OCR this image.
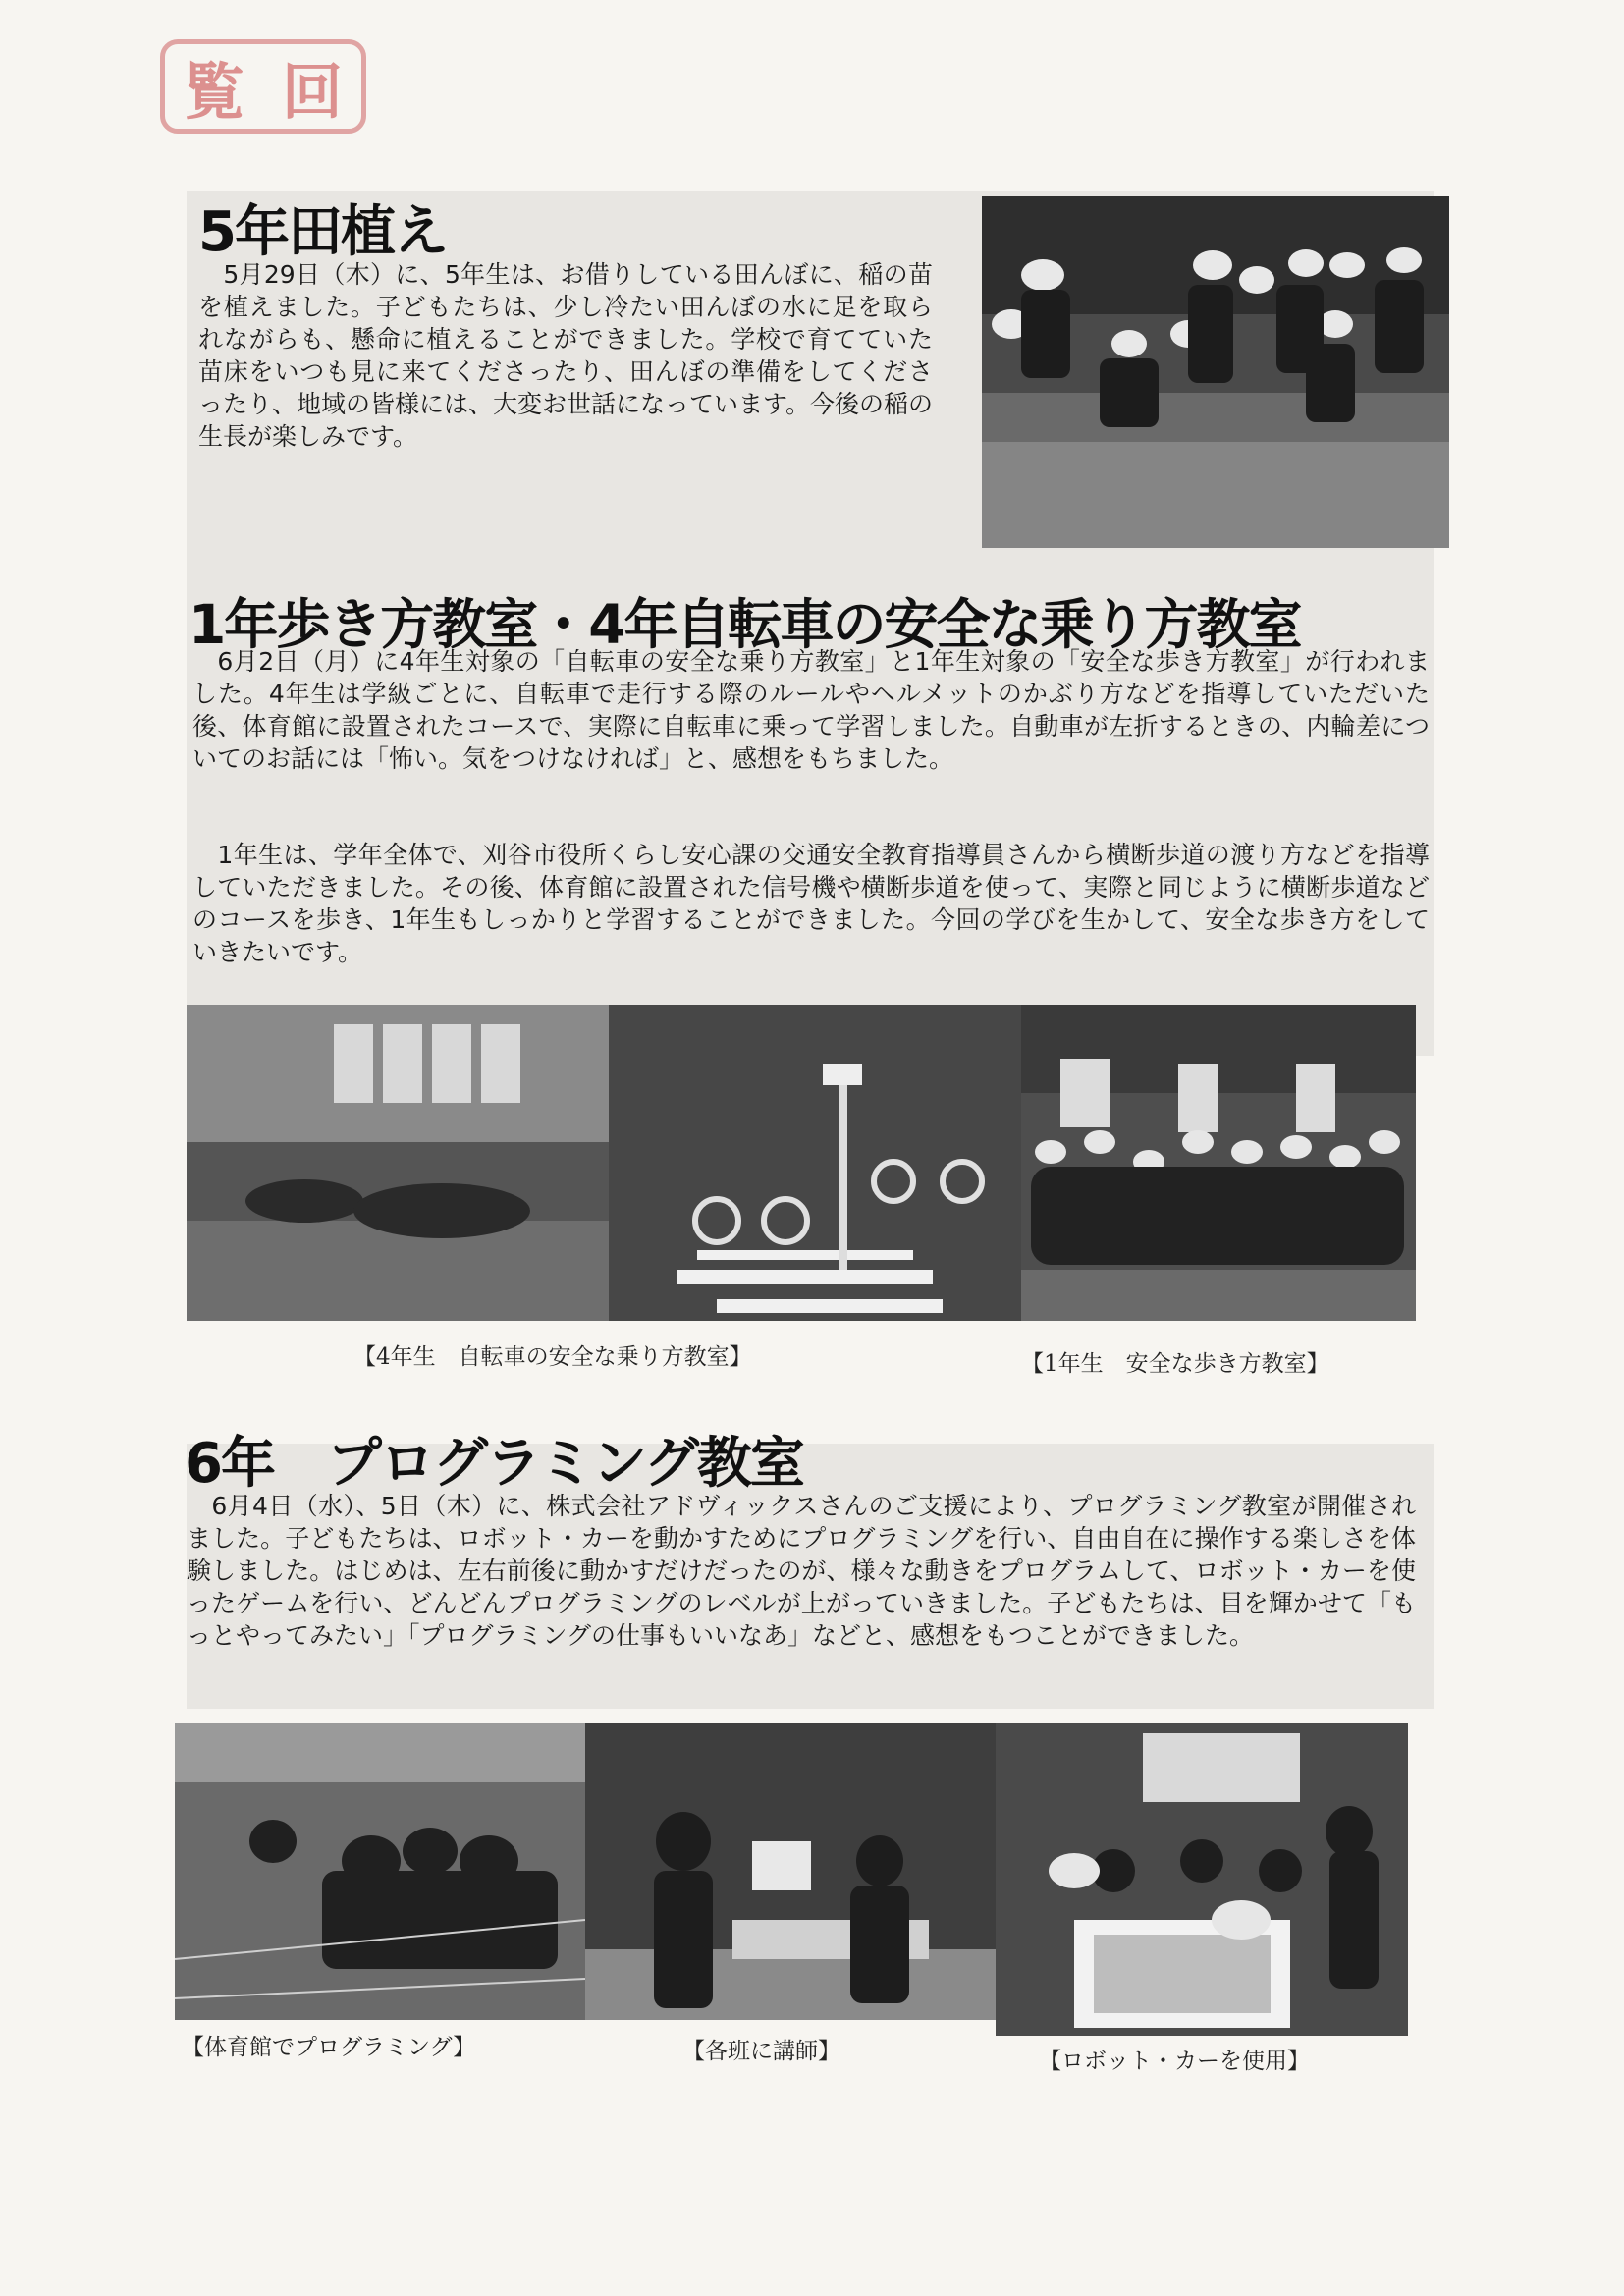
覧 回
5年田植え

　5月29日（木）に、5年生は、お借りしている田んぼに、稲の苗を植えました。子どもたちは、少し冷たい田んぼの水に足を取られながらも、懸命に植えることができました。学校で育てていた苗床をいつも見に来てくださったり、田んぼの準備をしてくださったり、地域の皆様には、大変お世話になっています。今後の稲の生長が楽しみです。

1年歩き方教室・4年自転車の安全な乗り方教室

　6月2日（月）に4年生対象の「自転車の安全な乗り方教室」と1年生対象の「安全な歩き方教室」が行われました。4年生は学級ごとに、自転車で走行する際のルールやヘルメットのかぶり方などを指導していただいた後、体育館に設置されたコースで、実際に自転車に乗って学習しました。自動車が左折するときの、内輪差についてのお話には「怖い。気をつけなければ」と、感想をもちました。

　1年生は、学年全体で、刈谷市役所くらし安心課の交通安全教育指導員さんから横断歩道の渡り方などを指導していただきました。その後、体育館に設置された信号機や横断歩道を使って、実際と同じように横断歩道などのコースを歩き、1年生もしっかりと学習することができました。今回の学びを生かして、安全な歩き方をしていきたいです。

【4年生　自転車の安全な乗り方教室】	【1年生　安全な歩き方教室】

6年　プログラミング教室

　6月4日（水）、5日（木）に、株式会社アドヴィックスさんのご支援により、プログラミング教室が開催されました。子どもたちは、ロボット・カーを動かすためにプログラミングを行い、自由自在に操作する楽しさを体験しました。はじめは、左右前後に動かすだけだったのが、様々な動きをプログラムして、ロボット・カーを使ったゲームを行い、どんどんプログラミングのレベルが上がっていきました。子どもたちは、目を輝かせて「もっとやってみたい」「プログラミングの仕事もいいなあ」などと、感想をもつことができました。

【体育館でプログラミング】	【各班に講師】	【ロボット・カーを使用】
